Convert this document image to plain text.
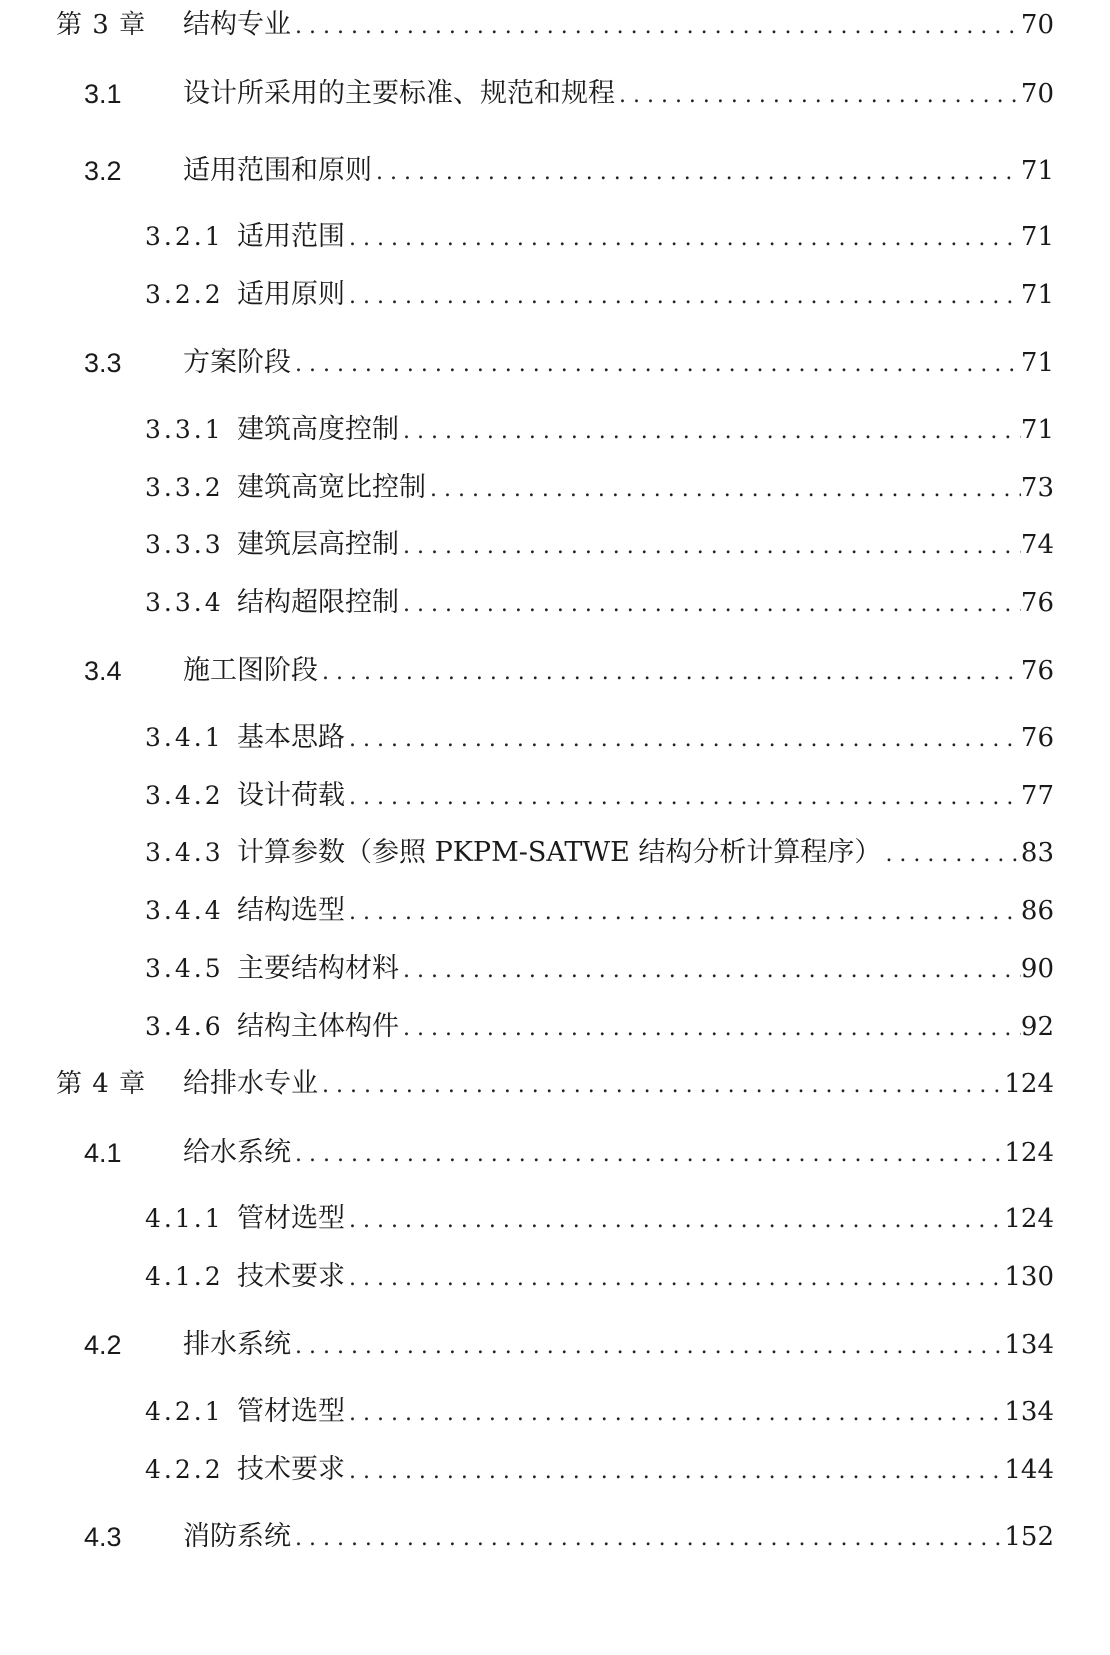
第 3 章 结构专业 . . .	70
3.1 设计所采用的主要标准、规范和规程 . . .	70
3.2 适用范围和原则 . . .	71
3.2.1 适用范围 . . .	71
3.2.2 适用原则 . . .	71
3.3 方案阶段 . . .	71
3.3.1 建筑高度控制 . . .	71
3.3.2 建筑高宽比控制 . . .	73
3.3.3 建筑层高控制 . . .	74
3.3.4 结构超限控制 . . .	76
3.4 施工图阶段 . . .	76
3.4.1 基本思路 . . .	76
3.4.2 设计荷载 . . .	77
3.4.3 计算参数（参照 PKPM-SATWE 结构分析计算程序） . . .	83
3.4.4 结构选型 . . .	86
3.4.5 主要结构材料 . . .	90
3.4.6 结构主体构件 . . .	92
第 4 章 给排水专业 . . .	124
4.1 给水系统 . . .	124
4.1.1 管材选型 . . .	124
4.1.2 技术要求 . . .	130
4.2 排水系统 . . .	134
4.2.1 管材选型 . . .	134
4.2.2 技术要求 . . .	144
4.3 消防系统 . . .	152
